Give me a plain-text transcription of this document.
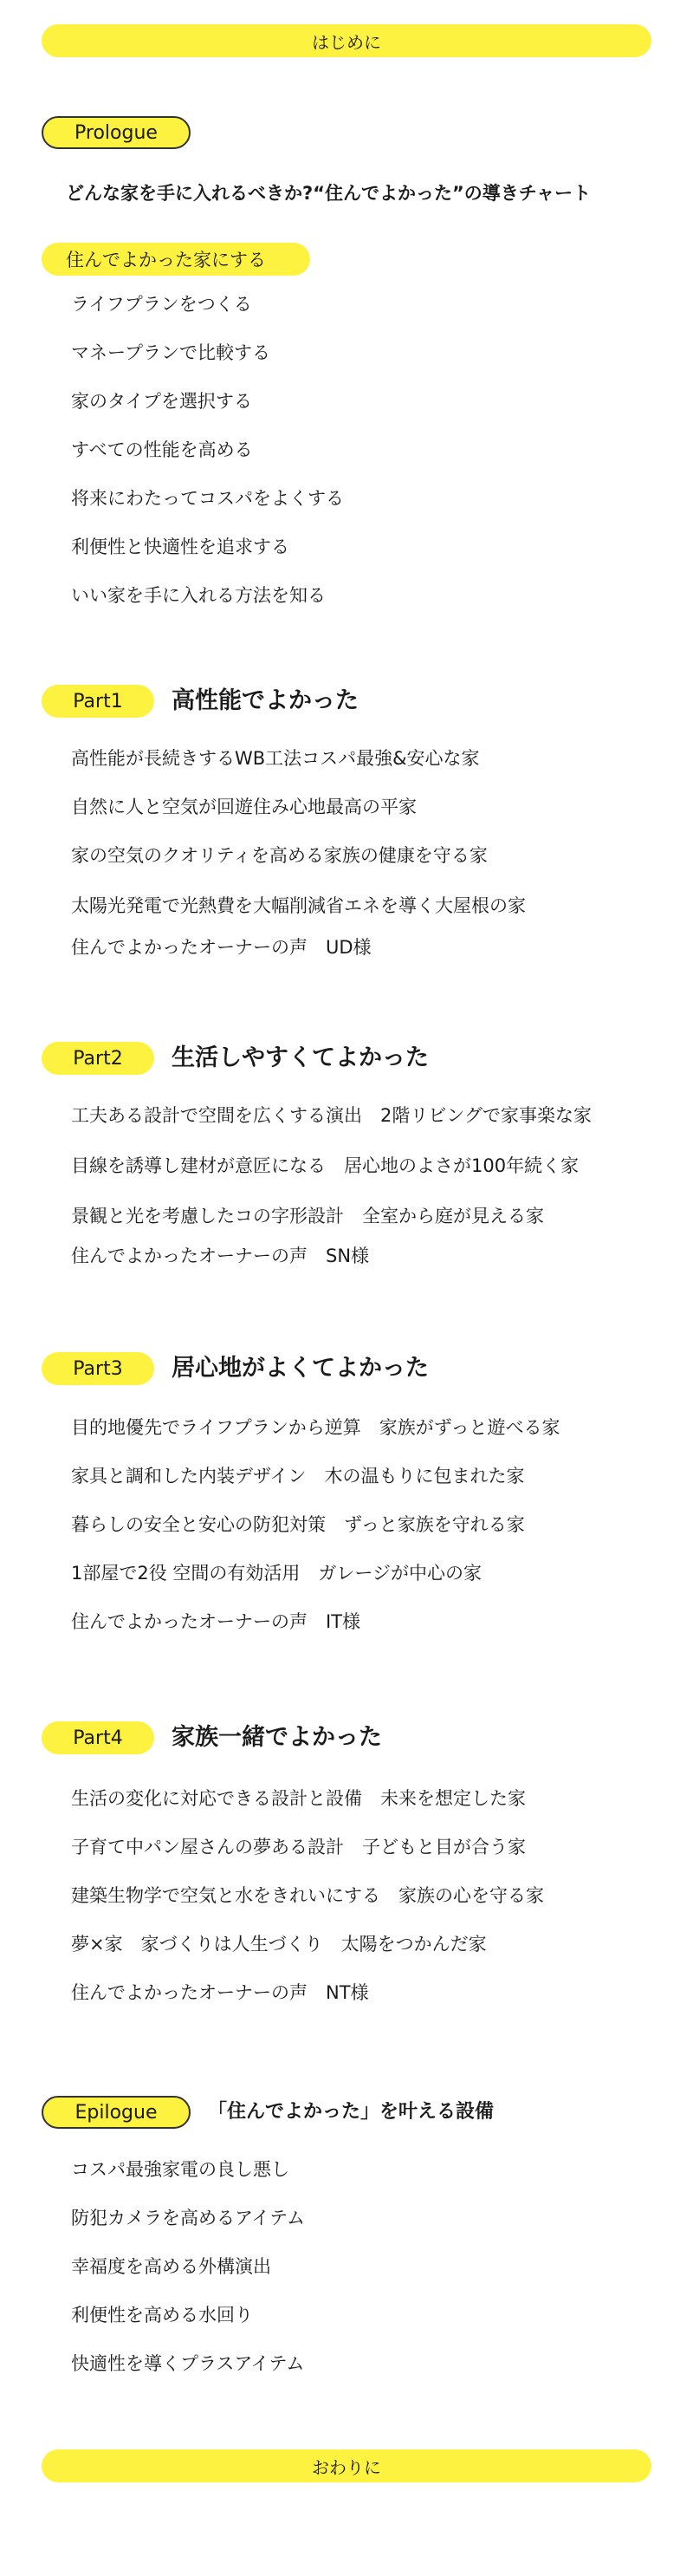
はじめに
Prologue
どんな家を手に入れるべきか?“住んでよかった”の導きチャート
住んでよかった家にする
ライフプランをつくる
マネープランで比較する
家のタイプを選択する
すべての性能を高める
将来にわたってコスパをよくする
利便性と快適性を追求する
いい家を手に入れる方法を知る
Part1 高性能でよかった
高性能が長続きするWB工法コスパ最強&安心な家
自然に人と空気が回遊住み心地最高の平家
家の空気のクオリティを高める家族の健康を守る家
太陽光発電で光熱費を大幅削減省エネを導く大屋根の家
住んでよかったオーナーの声　UD様
Part2 生活しやすくてよかった
工夫ある設計で空間を広くする演出　2階リビングで家事楽な家
目線を誘導し建材が意匠になる　居心地のよさが100年続く家
景観と光を考慮したコの字形設計　全室から庭が見える家
住んでよかったオーナーの声　SN様
Part3 居心地がよくてよかった
目的地優先でライフプランから逆算　家族がずっと遊べる家
家具と調和した内装デザイン　木の温もりに包まれた家
暮らしの安全と安心の防犯対策　ずっと家族を守れる家
1部屋で2役 空間の有効活用　ガレージが中心の家
住んでよかったオーナーの声　IT様
Part4 家族一緒でよかった
生活の変化に対応できる設計と設備　未来を想定した家
子育て中パン屋さんの夢ある設計　子どもと目が合う家
建築生物学で空気と水をきれいにする　家族の心を守る家
夢×家　家づくりは人生づくり　太陽をつかんだ家
住んでよかったオーナーの声　NT様
Epilogue	「住んでよかった」を叶える設備
コスパ最強家電の良し悪し
防犯カメラを高めるアイテム
幸福度を高める外構演出
利便性を高める水回り
快適性を導くプラスアイテム
おわりに
